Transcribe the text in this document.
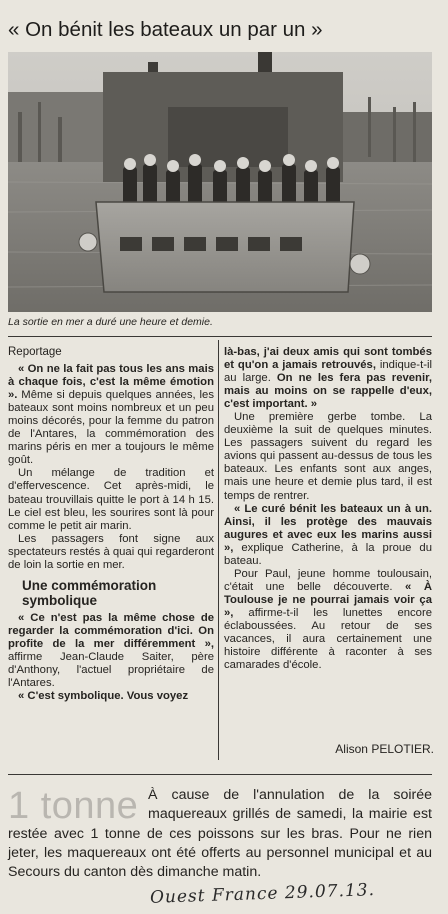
« On bénit les bateaux un par un »
La sortie en mer a duré une heure et demie.
Reportage

« On ne la fait pas tous les ans mais à chaque fois, c'est la même émotion ». Même si depuis quelques années, les bateaux sont moins nombreux et un peu moins décorés, pour la femme du patron de l'Antares, la commémoration des marins péris en mer a toujours le même goût.

Un mélange de tradition et d'effervescence. Cet après-midi, le bateau trouvillais quitte le port à 14 h 15. Le ciel est bleu, les sourires sont là pour comme le petit air marin.

Les passagers font signe aux spectateurs restés à quai qui regarderont de loin la sortie en mer.

Une commémoration symbolique

« Ce n'est pas la même chose de regarder la commémoration d'ici. On profite de la mer différemment », affirme Jean-Claude Saiter, père d'Anthony, l'actuel propriétaire de l'Antares.

« C'est symbolique. Vous voyez

là-bas, j'ai deux amis qui sont tombés et qu'on a jamais retrouvés, indique-t-il au large. On ne les fera pas revenir, mais au moins on se rappelle d'eux, c'est important. »

Une première gerbe tombe. La deuxième la suit de quelques minutes. Les passagers suivent du regard les avions qui passent au-dessus de tous les bateaux. Les enfants sont aux anges, mais une heure et demie plus tard, il est temps de rentrer.

« Le curé bénit les bateaux un à un. Ainsi, il les protège des mauvais augures et avec eux les marins aussi », explique Catherine, à la proue du bateau.

Pour Paul, jeune homme toulousain, c'était une belle découverte. « À Toulouse je ne pourrai jamais voir ça », affirme-t-il les lunettes encore éclaboussées. Au retour de ses vacances, il aura certainement une histoire différente à raconter à ses camarades d'école.

Alison PELOTIER.
1 tonne À cause de l'annulation de la soirée maquereaux grillés de samedi, la mairie est restée avec 1 tonne de ces poissons sur les bras. Pour ne rien jeter, les maquereaux ont été offerts au personnel municipal et au Secours du canton dès dimanche matin.
Ouest France 29.07.13.
